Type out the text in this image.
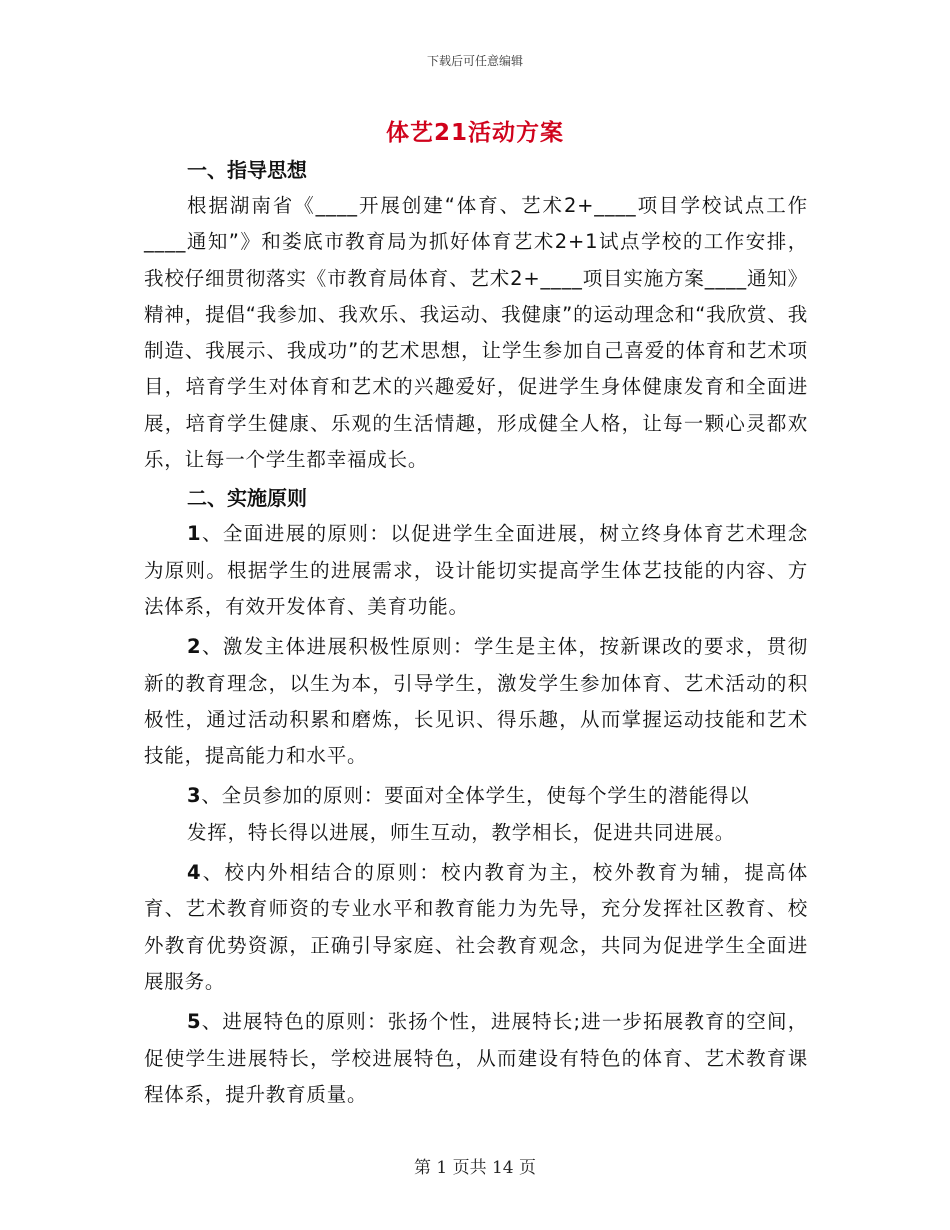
下载后可任意编辑
体艺21活动方案

一、指导思想

根据湖南省《____开展创建“体育、艺术2+____项目学校试点工作____通知”》和娄底市教育局为抓好体育艺术2+1试点学校的工作安排，我校仔细贯彻落实《市教育局体育、艺术2+____项目实施方案____通知》精神，提倡“我参加、我欢乐、我运动、我健康”的运动理念和“我欣赏、我制造、我展示、我成功”的艺术思想，让学生参加自己喜爱的体育和艺术项目，培育学生对体育和艺术的兴趣爱好，促进学生身体健康发育和全面进展，培育学生健康、乐观的生活情趣，形成健全人格，让每一颗心灵都欢乐，让每一个学生都幸福成长。

二、实施原则

1、全面进展的原则：以促进学生全面进展，树立终身体育艺术理念为原则。根据学生的进展需求，设计能切实提高学生体艺技能的内容、方法体系，有效开发体育、美育功能。

2、激发主体进展积极性原则：学生是主体，按新课改的要求，贯彻新的教育理念，以生为本，引导学生，激发学生参加体育、艺术活动的积极性，通过活动积累和磨炼，长见识、得乐趣，从而掌握运动技能和艺术技能，提高能力和水平。

3、全员参加的原则：要面对全体学生，使每个学生的潜能得以

发挥，特长得以进展，师生互动，教学相长，促进共同进展。

4、校内外相结合的原则：校内教育为主，校外教育为辅，提高体育、艺术教育师资的专业水平和教育能力为先导，充分发挥社区教育、校外教育优势资源，正确引导家庭、社会教育观念，共同为促进学生全面进展服务。

5、进展特色的原则：张扬个性，进展特长;进一步拓展教育的空间，促使学生进展特长，学校进展特色，从而建设有特色的体育、艺术教育课程体系，提升教育质量。

第 1 页共 14 页
